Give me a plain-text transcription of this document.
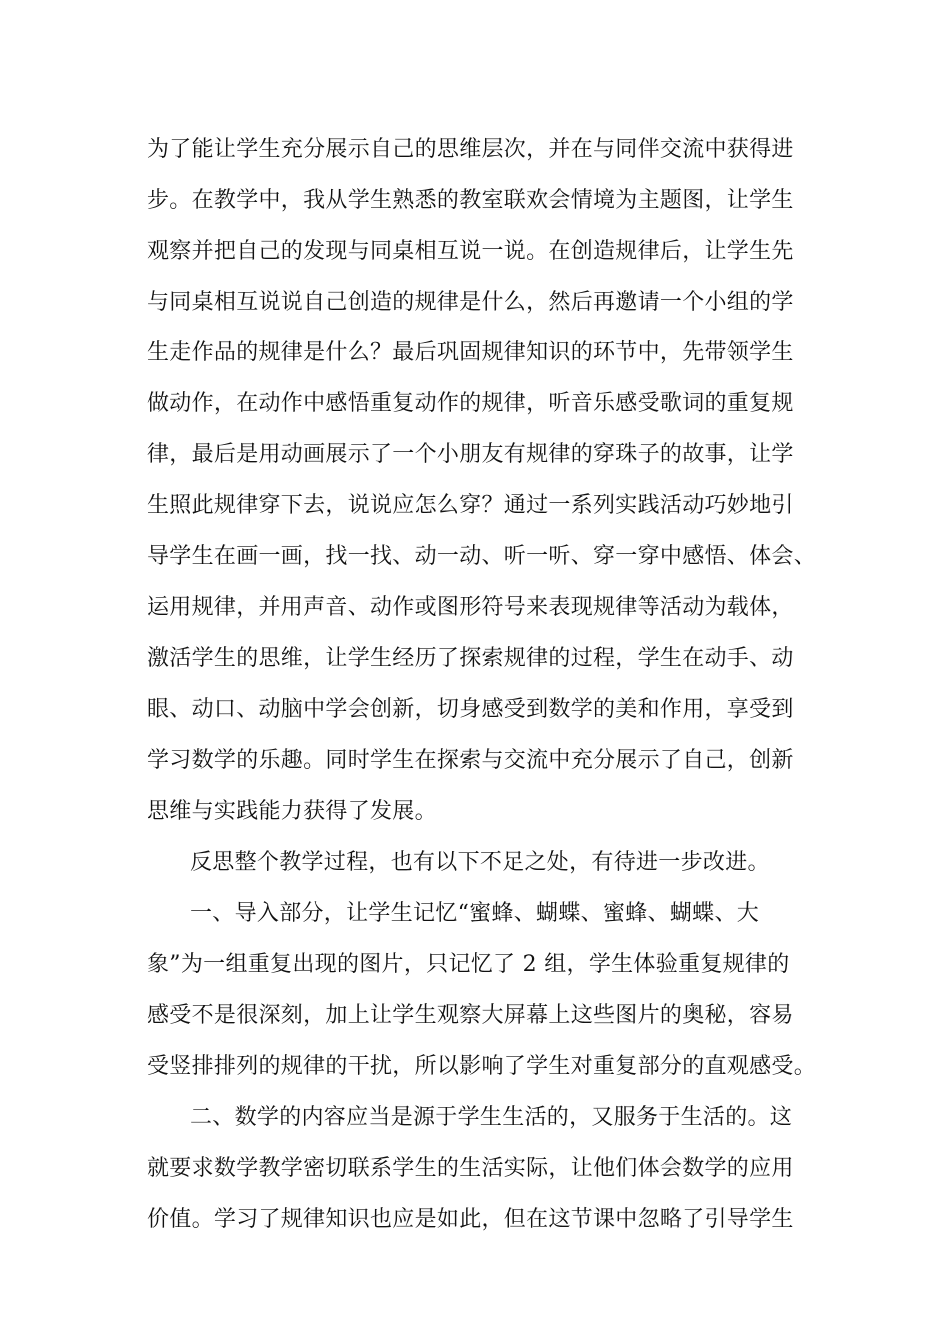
为了能让学生充分展示自己的思维层次，并在与同伴交流中获得进
步。在教学中，我从学生熟悉的教室联欢会情境为主题图，让学生
观察并把自己的发现与同桌相互说一说。在创造规律后，让学生先
与同桌相互说说自己创造的规律是什么，然后再邀请一个小组的学
生走作品的规律是什么？最后巩固规律知识的环节中，先带领学生
做动作，在动作中感悟重复动作的规律，听音乐感受歌词的重复规
律，最后是用动画展示了一个小朋友有规律的穿珠子的故事，让学
生照此规律穿下去，说说应怎么穿？通过一系列实践活动巧妙地引
导学生在画一画，找一找、动一动、听一听、穿一穿中感悟、体会、
运用规律，并用声音、动作或图形符号来表现规律等活动为载体，
激活学生的思维，让学生经历了探索规律的过程，学生在动手、动
眼、动口、动脑中学会创新，切身感受到数学的美和作用，享受到
学习数学的乐趣。同时学生在探索与交流中充分展示了自己，创新
思维与实践能力获得了发展。
反思整个教学过程，也有以下不足之处，有待进一步改进。
一、导入部分，让学生记忆“蜜蜂、蝴蝶、蜜蜂、蝴蝶、大
象”为一组重复出现的图片，只记忆了 2 组，学生体验重复规律的
感受不是很深刻，加上让学生观察大屏幕上这些图片的奥秘，容易
受竖排排列的规律的干扰，所以影响了学生对重复部分的直观感受。
二、数学的内容应当是源于学生生活的，又服务于生活的。这
就要求数学教学密切联系学生的生活实际，让他们体会数学的应用
价值。学习了规律知识也应是如此，但在这节课中忽略了引导学生
